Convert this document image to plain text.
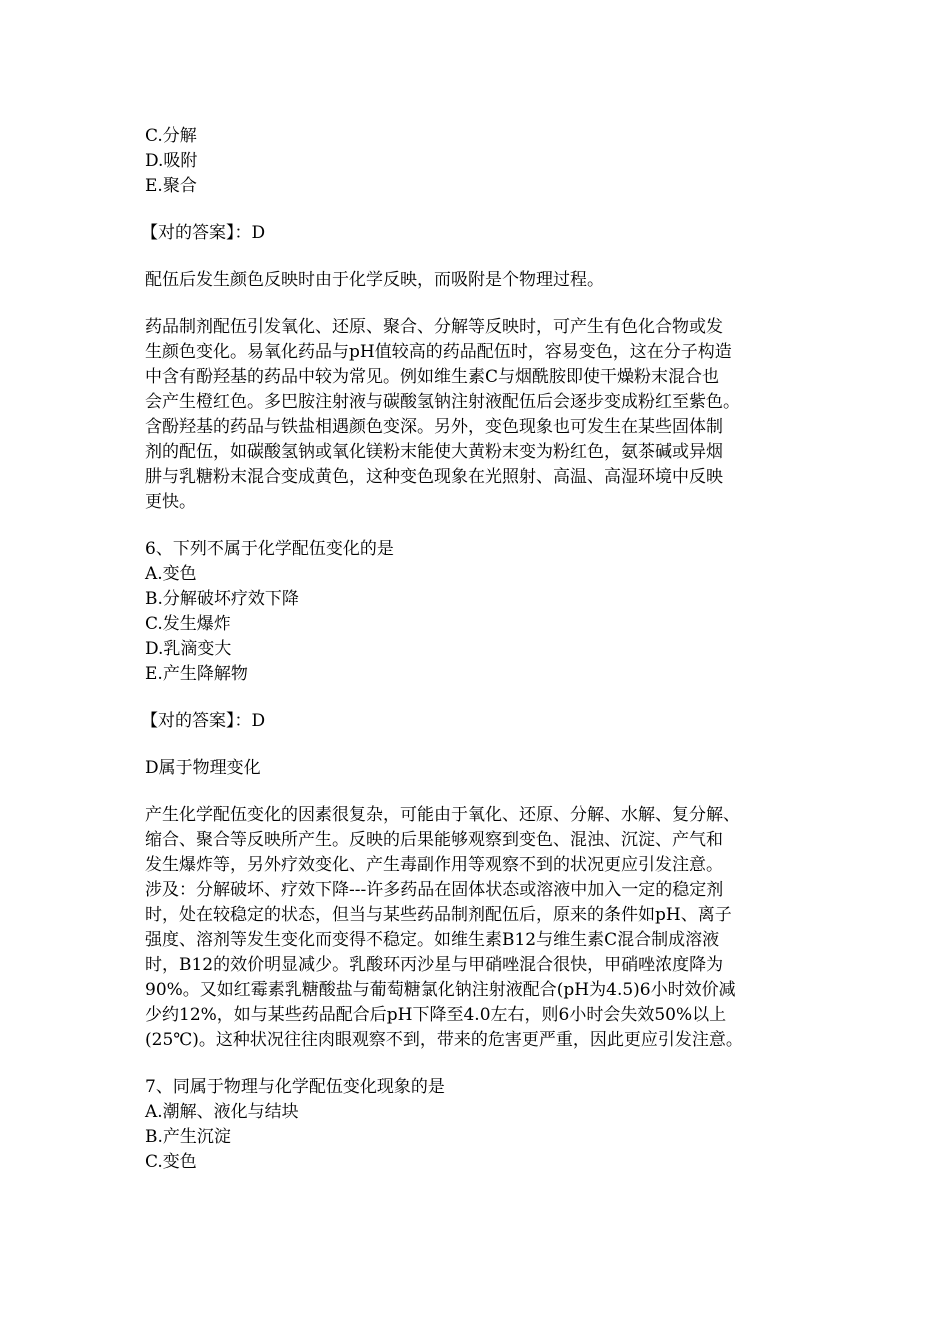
C.分解
D.吸附
E.聚合
【对的答案】：D
配伍后发生颜色反映时由于化学反映，而吸附是个物理过程。
药品制剂配伍引发氧化、还原、聚合、分解等反映时，可产生有色化合物或发
生颜色变化。易氧化药品与pH值较高的药品配伍时，容易变色，这在分子构造
中含有酚羟基的药品中较为常见。例如维生素C与烟酰胺即使干燥粉末混合也
会产生橙红色。多巴胺注射液与碳酸氢钠注射液配伍后会逐步变成粉红至紫色。
含酚羟基的药品与铁盐相遇颜色变深。另外，变色现象也可发生在某些固体制
剂的配伍，如碳酸氢钠或氧化镁粉末能使大黄粉末变为粉红色，氨茶碱或异烟
肼与乳糖粉末混合变成黄色，这种变色现象在光照射、高温、高湿环境中反映
更快。
6、下列不属于化学配伍变化的是
A.变色
B.分解破坏疗效下降
C.发生爆炸
D.乳滴变大
E.产生降解物
【对的答案】：D
D属于物理变化
产生化学配伍变化的因素很复杂，可能由于氧化、还原、分解、水解、复分解、
缩合、聚合等反映所产生。反映的后果能够观察到变色、混浊、沉淀、产气和
发生爆炸等，另外疗效变化、产生毒副作用等观察不到的状况更应引发注意。
涉及：分解破坏、疗效下降---许多药品在固体状态或溶液中加入一定的稳定剂
时，处在较稳定的状态，但当与某些药品制剂配伍后，原来的条件如pH、离子
强度、溶剂等发生变化而变得不稳定。如维生素B12与维生素C混合制成溶液
时，B12的效价明显减少。乳酸环丙沙星与甲硝唑混合很快，甲硝唑浓度降为
90%。又如红霉素乳糖酸盐与葡萄糖氯化钠注射液配合(pH为4.5)6小时效价减
少约12%，如与某些药品配合后pH下降至4.0左右，则6小时会失效50%以上
(25℃)。这种状况往往肉眼观察不到，带来的危害更严重，因此更应引发注意。
7、同属于物理与化学配伍变化现象的是
A.潮解、液化与结块
B.产生沉淀
C.变色
